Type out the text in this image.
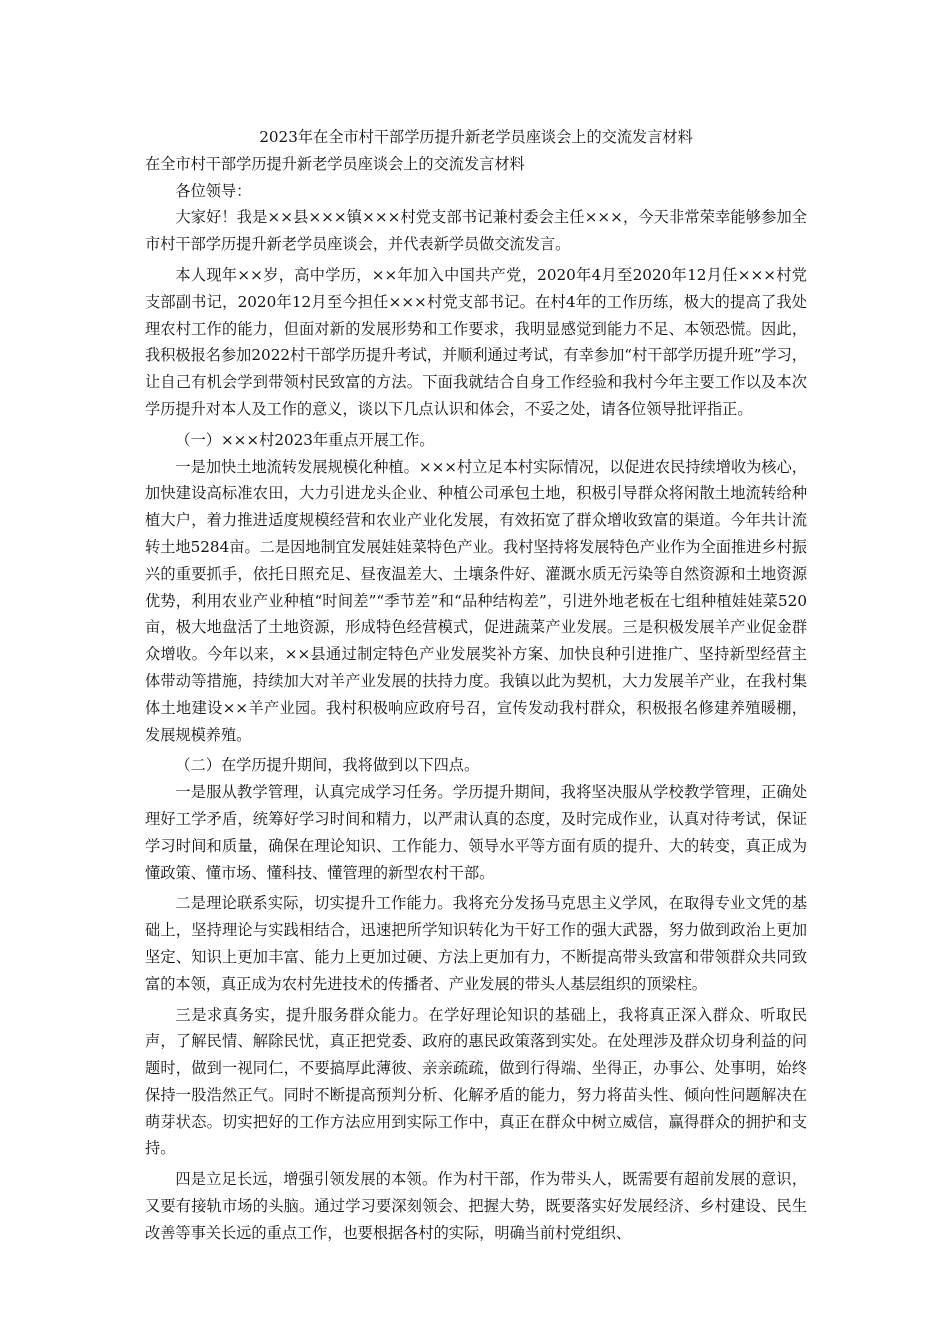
2023年在全市村干部学历提升新老学员座谈会上的交流发言材料

在全市村干部学历提升新老学员座谈会上的交流发言材料

各位领导：

大家好！我是××县×××镇×××村党支部书记兼村委会主任×××，今天非常荣幸能够参加全市村干部学历提升新老学员座谈会，并代表新学员做交流发言。

本人现年××岁，高中学历，××年加入中国共产党，2020年4月至2020年12月任×××村党支部副书记，2020年12月至今担任×××村党支部书记。在村4年的工作历练，极大的提高了我处理农村工作的能力，但面对新的发展形势和工作要求，我明显感觉到能力不足、本领恐慌。因此，我积极报名参加2022村干部学历提升考试，并顺利通过考试，有幸参加“村干部学历提升班”学习，让自己有机会学到带领村民致富的方法。下面我就结合自身工作经验和我村今年主要工作以及本次学历提升对本人及工作的意义，谈以下几点认识和体会，不妥之处，请各位领导批评指正。

（一）×××村2023年重点开展工作。

一是加快土地流转发展规模化种植。×××村立足本村实际情况，以促进农民持续增收为核心，加快建设高标准农田，大力引进龙头企业、种植公司承包土地，积极引导群众将闲散土地流转给种植大户，着力推进适度规模经营和农业产业化发展，有效拓宽了群众增收致富的渠道。今年共计流转土地5284亩。二是因地制宜发展娃娃菜特色产业。我村坚持将发展特色产业作为全面推进乡村振兴的重要抓手，依托日照充足、昼夜温差大、土壤条件好、灌溉水质无污染等自然资源和土地资源优势，利用农业产业种植“时间差”“季节差”和“品种结构差”，引进外地老板在七组种植娃娃菜520亩，极大地盘活了土地资源，形成特色经营模式，促进蔬菜产业发展。三是积极发展羊产业促金群众增收。今年以来，××县通过制定特色产业发展奖补方案、加快良种引进推广、坚持新型经营主体带动等措施，持续加大对羊产业发展的扶持力度。我镇以此为契机，大力发展羊产业，在我村集体土地建设××羊产业园。我村积极响应政府号召，宣传发动我村群众，积极报名修建养殖暖棚，发展规模养殖。

（二）在学历提升期间，我将做到以下四点。

一是服从教学管理，认真完成学习任务。学历提升期间，我将坚决服从学校教学管理，正确处理好工学矛盾，统筹好学习时间和精力，以严肃认真的态度，及时完成作业，认真对待考试，保证学习时间和质量，确保在理论知识、工作能力、领导水平等方面有质的提升、大的转变，真正成为懂政策、懂市场、懂科技、懂管理的新型农村干部。

二是理论联系实际，切实提升工作能力。我将充分发扬马克思主义学风，在取得专业文凭的基础上，坚持理论与实践相结合，迅速把所学知识转化为干好工作的强大武器，努力做到政治上更加坚定、知识上更加丰富、能力上更加过硬、方法上更加有力，不断提高带头致富和带领群众共同致富的本领，真正成为农村先进技术的传播者、产业发展的带头人基层组织的顶梁柱。

三是求真务实，提升服务群众能力。在学好理论知识的基础上，我将真正深入群众、听取民声，了解民情、解除民忧，真正把党委、政府的惠民政策落到实处。在处理涉及群众切身利益的问题时，做到一视同仁，不要搞厚此薄彼、亲亲疏疏，做到行得端、坐得正，办事公、处事明，始终保持一股浩然正气。同时不断提高预判分析、化解矛盾的能力，努力将苗头性、倾向性问题解决在萌芽状态。切实把好的工作方法应用到实际工作中，真正在群众中树立威信，赢得群众的拥护和支持。

四是立足长远，增强引领发展的本领。作为村干部，作为带头人，既需要有超前发展的意识，又要有接轨市场的头脑。通过学习要深刻领会、把握大势，既要落实好发展经济、乡村建设、民生改善等事关长远的重点工作，也要根据各村的实际，明确当前村党组织、
